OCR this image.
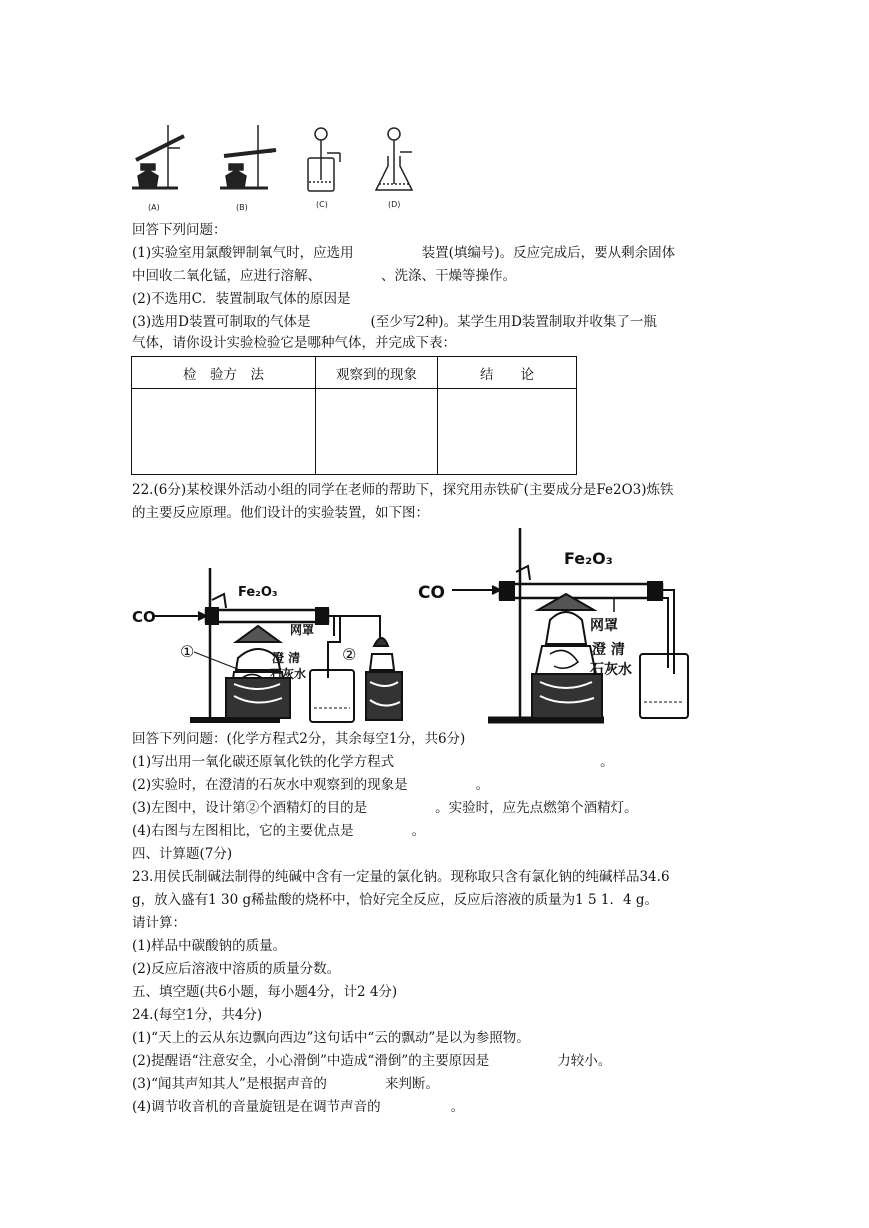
(A)	(B)	(C)	(D)
回答下列问题：
(1)实验室用氯酸钾制氧气时，应选用	装置(填编号)。反应完成后，要从剩余固体
中回收二氧化锰，应进行溶解、	、洗涤、干燥等操作。
(2)不选用C．装置制取气体的原因是
(3)选用D装置可制取的气体是	(至少写2种)。某学生用D装置制取并收集了一瓶
气体，请你设计实验检验它是哪种气体，并完成下表：
检　验方　法	观察到的现象	结　　论

22.(6分)某校课外活动小组的同学在老师的帮助下，探究用赤铁矿(主要成分是Fe2O3)炼铁
的主要反应原理。他们设计的实验装置，如下图：
CO
Fe₂O₃
网罩
①	②
澄 清
石灰水
CO
Fe₂O₃
网罩
澄 清
石灰水
回答下列问题：(化学方程式2分，其余每空1分，共6分)
(1)写出用一氧化碳还原氧化铁的化学方程式	。
(2)实验时，在澄清的石灰水中观察到的现象是	。
(3)左图中，设计第②个酒精灯的目的是	。实验时，应先点燃第个酒精灯。
(4)右图与左图相比，它的主要优点是	。
四、计算题(7分)
23.用侯氏制碱法制得的纯碱中含有一定量的氯化钠。现称取只含有氯化钠的纯碱样品34.6
g，放入盛有1 30 g稀盐酸的烧杯中，恰好完全反应，反应后溶液的质量为1 5 1．4 g。
请计算：
(1)样品中碳酸钠的质量。
(2)反应后溶液中溶质的质量分数。
五、填空题(共6小题，每小题4分，计2 4分)
24.(每空1分，共4分)
(1)“天上的云从东边飘向西边”这句话中“云的飘动”是以为参照物。
(2)提醒语“注意安全，小心滑倒”中造成“滑倒”的主要原因是	力较小。
(3)“闻其声知其人”是根据声音的	来判断。
(4)调节收音机的音量旋钮是在调节声音的	。
